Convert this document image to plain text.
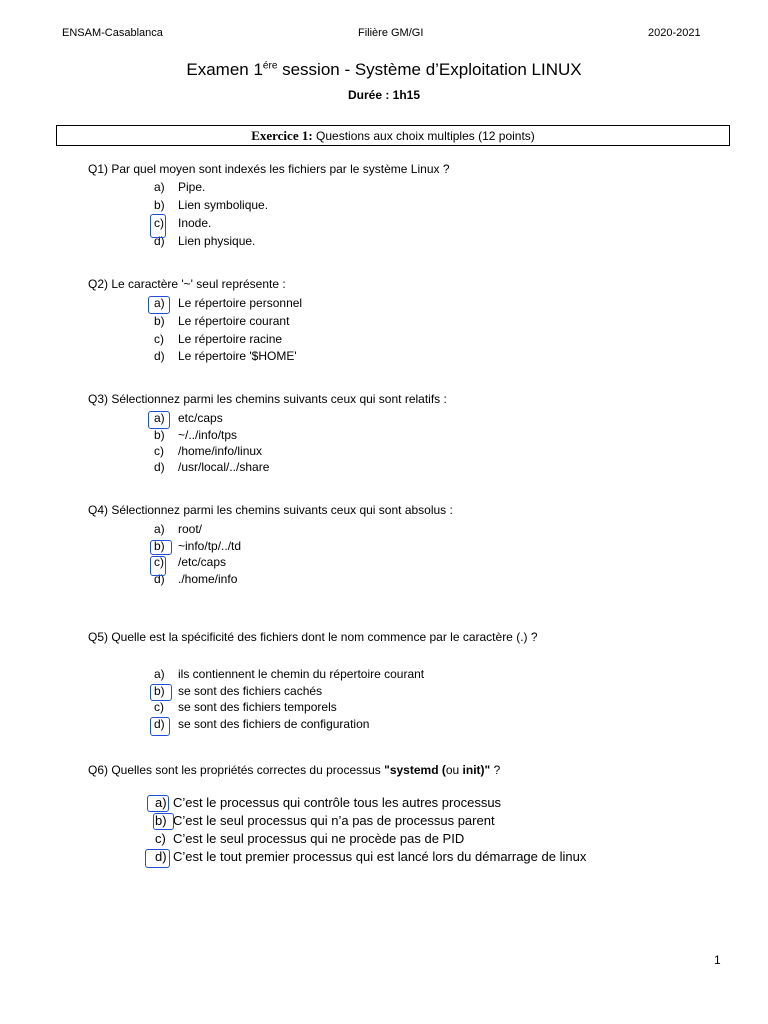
ENSAM-Casablanca	Filière GM/GI	2020-2021
Examen $1^{ére}$ session - Système d’Exploitation LINUX
Durée : 1h15
Exercice 1: Questions aux choix multiples (12 points)
Q1) Par quel moyen sont indexés les fichiers par le système Linux ?
a) Pipe.
b) Lien symbolique.
c) Inode.
d) Lien physique.
Q2) Le caractère '~' seul représente :
a) Le répertoire personnel
b) Le répertoire courant
c) Le répertoire racine
d) Le répertoire '$HOME'
Q3) Sélectionnez parmi les chemins suivants ceux qui sont relatifs :
a) etc/caps
b) ~/../info/tps
c) /home/info/linux
d) /usr/local/../share
Q4) Sélectionnez parmi les chemins suivants ceux qui sont absolus :
a) root/
b) ~info/tp/../td
c) /etc/caps
d) ./home/info
Q5) Quelle est la spécificité des fichiers dont le nom commence par le caractère (.) ?
a) ils contiennent le chemin du répertoire courant
b) se sont des fichiers cachés
c) se sont des fichiers temporels
d) se sont des fichiers de configuration
Q6) Quelles sont les propriétés correctes du processus "systemd (ou init)" ?
a) C’est le processus qui contrôle tous les autres processus
b) C’est le seul processus qui n’a pas de processus parent
c) C’est le seul processus qui ne procède pas de PID
d) C’est le tout premier processus qui est lancé lors du démarrage de linux
1
